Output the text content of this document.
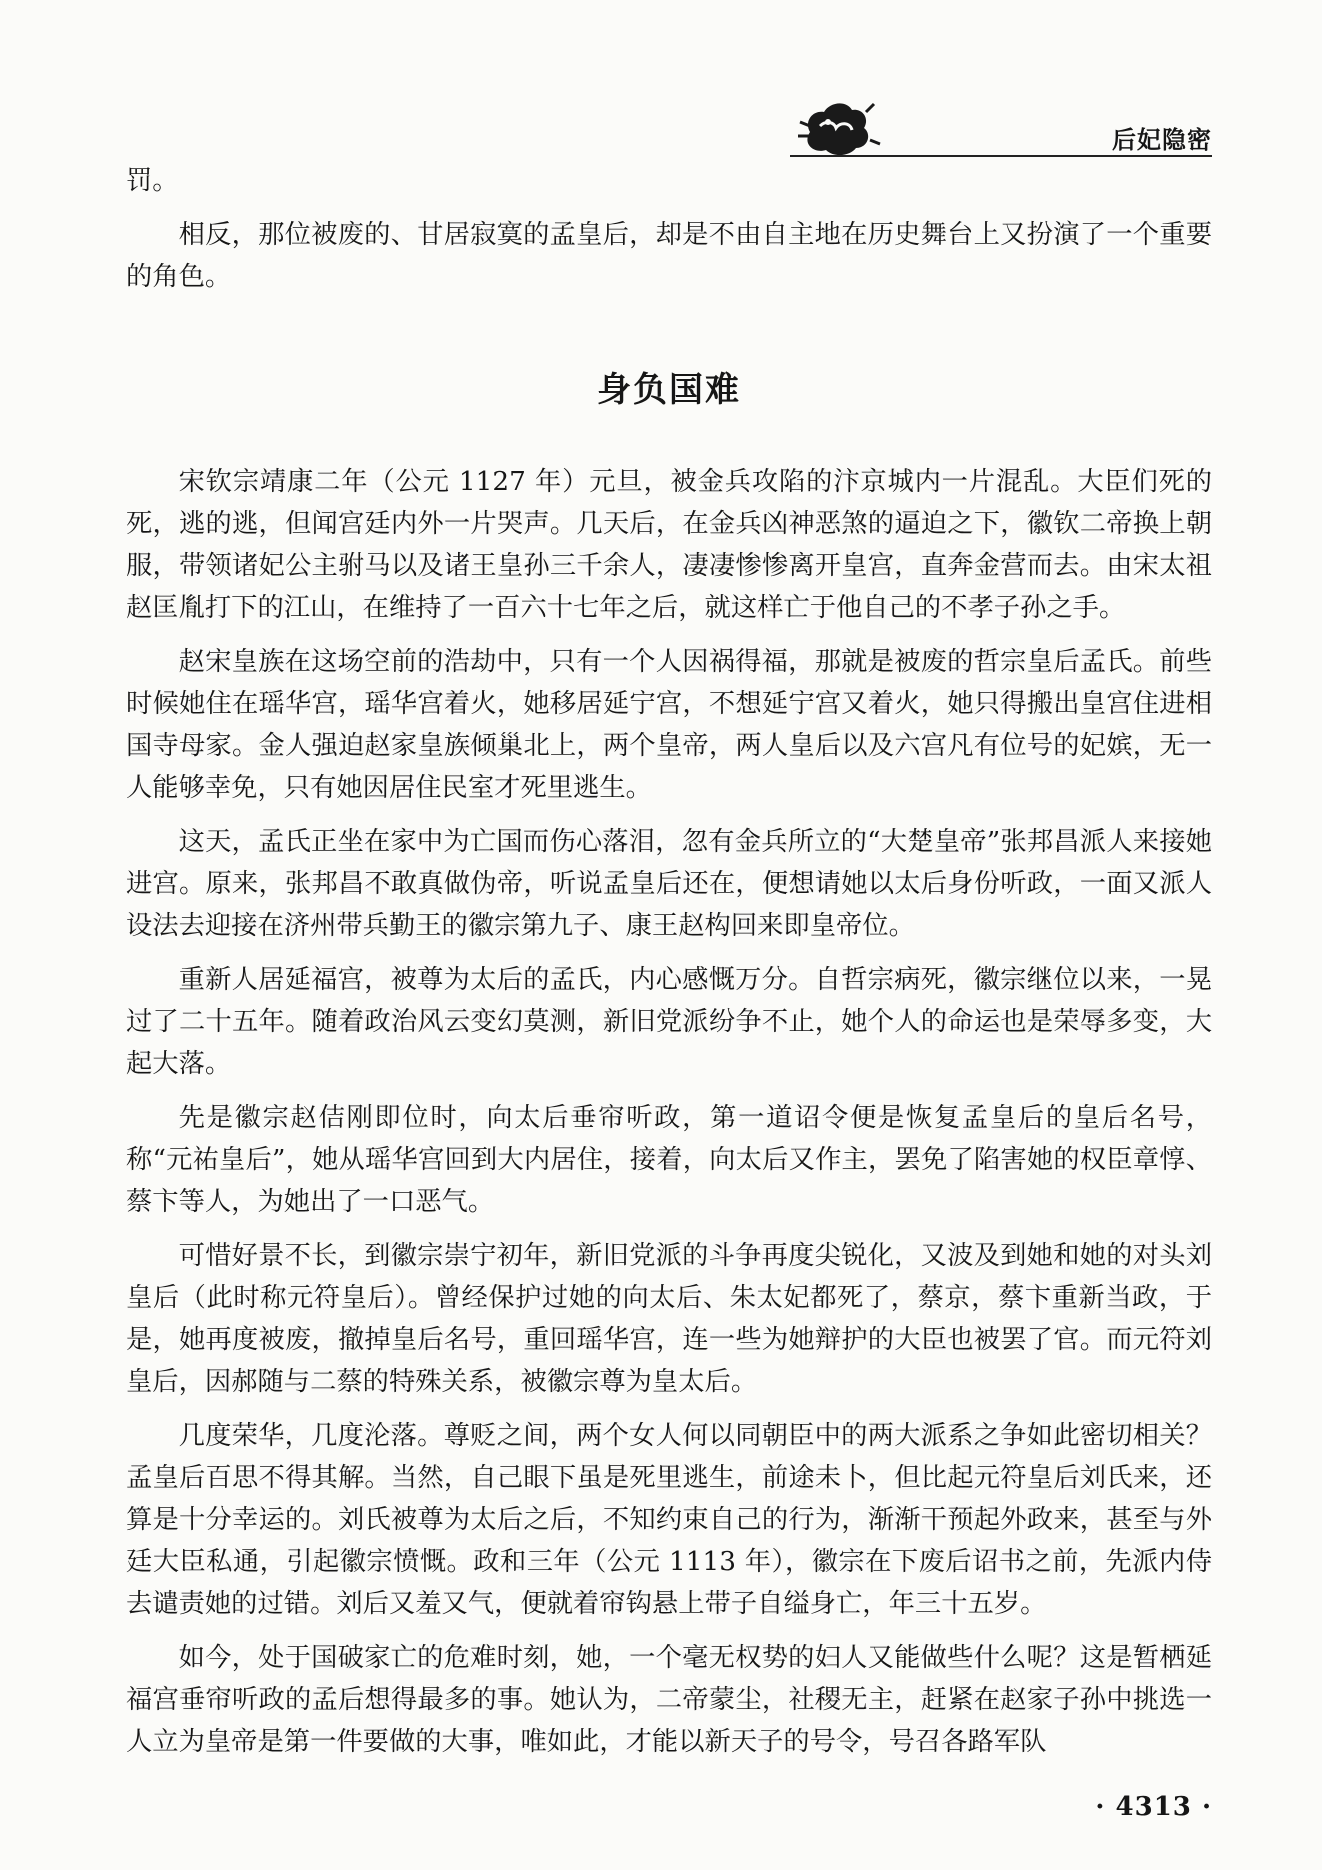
后妃隐密

罚。

相反，那位被废的、甘居寂寞的孟皇后，却是不由自主地在历史舞台上又扮演了一个重要的角色。

身负国难

宋钦宗靖康二年（公元 1127 年）元旦，被金兵攻陷的汴京城内一片混乱。大臣们死的死，逃的逃，但闻宫廷内外一片哭声。几天后，在金兵凶神恶煞的逼迫之下，徽钦二帝换上朝服，带领诸妃公主驸马以及诸王皇孙三千余人，凄凄惨惨离开皇宫，直奔金营而去。由宋太祖赵匡胤打下的江山，在维持了一百六十七年之后，就这样亡于他自己的不孝子孙之手。

赵宋皇族在这场空前的浩劫中，只有一个人因祸得福，那就是被废的哲宗皇后孟氏。前些时候她住在瑶华宫，瑶华宫着火，她移居延宁宫，不想延宁宫又着火，她只得搬出皇宫住进相国寺母家。金人强迫赵家皇族倾巢北上，两个皇帝，两人皇后以及六宫凡有位号的妃嫔，无一人能够幸免，只有她因居住民室才死里逃生。

这天，孟氏正坐在家中为亡国而伤心落泪，忽有金兵所立的“大楚皇帝”张邦昌派人来接她进宫。原来，张邦昌不敢真做伪帝，听说孟皇后还在，便想请她以太后身份听政，一面又派人设法去迎接在济州带兵勤王的徽宗第九子、康王赵构回来即皇帝位。

重新人居延福宫，被尊为太后的孟氏，内心感慨万分。自哲宗病死，徽宗继位以来，一晃过了二十五年。随着政治风云变幻莫测，新旧党派纷争不止，她个人的命运也是荣辱多变，大起大落。

先是徽宗赵佶刚即位时，向太后垂帘听政，第一道诏令便是恢复孟皇后的皇后名号，称“元祐皇后”，她从瑶华宫回到大内居住，接着，向太后又作主，罢免了陷害她的权臣章惇、蔡卞等人，为她出了一口恶气。

可惜好景不长，到徽宗崇宁初年，新旧党派的斗争再度尖锐化，又波及到她和她的对头刘皇后（此时称元符皇后）。曾经保护过她的向太后、朱太妃都死了，蔡京，蔡卞重新当政，于是，她再度被废，撤掉皇后名号，重回瑶华宫，连一些为她辩护的大臣也被罢了官。而元符刘皇后，因郝随与二蔡的特殊关系，被徽宗尊为皇太后。

几度荣华，几度沦落。尊贬之间，两个女人何以同朝臣中的两大派系之争如此密切相关？孟皇后百思不得其解。当然，自己眼下虽是死里逃生，前途未卜，但比起元符皇后刘氏来，还算是十分幸运的。刘氏被尊为太后之后，不知约束自己的行为，渐渐干预起外政来，甚至与外廷大臣私通，引起徽宗愤慨。政和三年（公元 1113 年），徽宗在下废后诏书之前，先派内侍去谴责她的过错。刘后又羞又气，便就着帘钩悬上带子自缢身亡，年三十五岁。

如今，处于国破家亡的危难时刻，她，一个毫无权势的妇人又能做些什么呢？这是暂栖延福宫垂帘听政的孟后想得最多的事。她认为，二帝蒙尘，社稷无主，赶紧在赵家子孙中挑选一人立为皇帝是第一件要做的大事，唯如此，才能以新天子的号令，号召各路军队

· 4313 ·
